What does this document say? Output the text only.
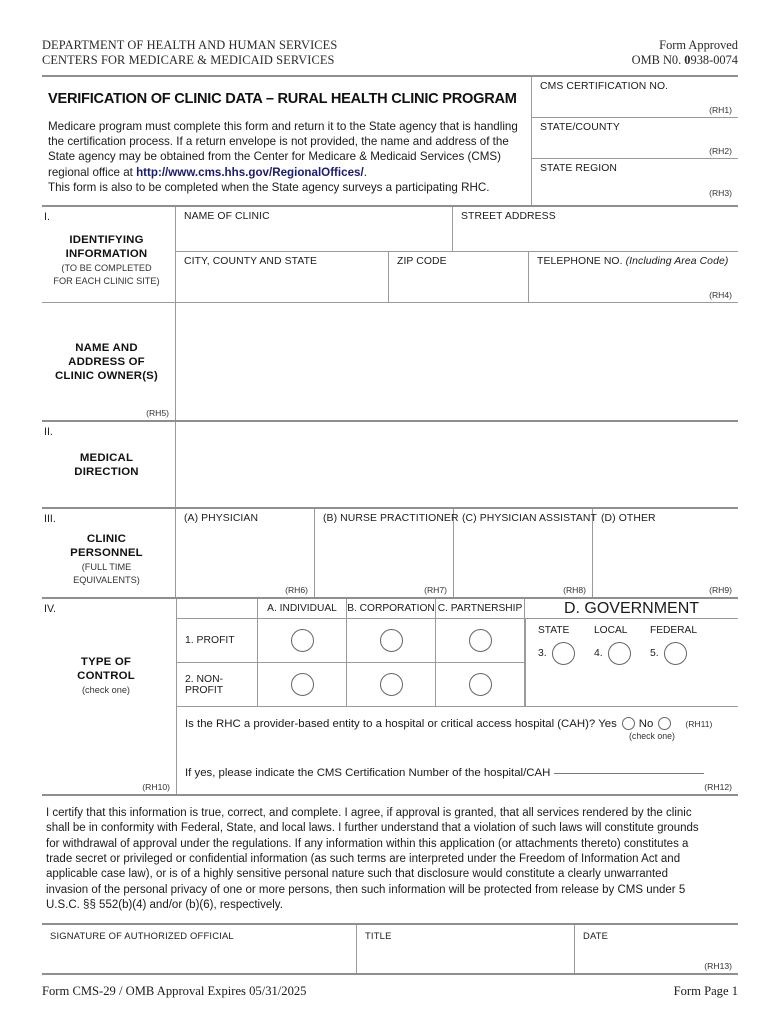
DEPARTMENT OF HEALTH AND HUMAN SERVICES
CENTERS FOR MEDICARE & MEDICAID SERVICES
Form Approved
OMB N0. 0938-0074
VERIFICATION OF CLINIC DATA – RURAL HEALTH CLINIC PROGRAM
Medicare program must complete this form and return it to the State agency that is handling the certification process. If a return envelope is not provided, the name and address of the State agency may be obtained from the Center for Medicare & Medicaid Services (CMS) regional office at http://www.cms.hhs.gov/RegionalOffices/.
This form is also to be completed when the State agency surveys a participating RHC.
CMS CERTIFICATION NO.
(RH1)
STATE/COUNTY
(RH2)
STATE REGION
(RH3)
I.
IDENTIFYING
INFORMATION
(TO BE COMPLETED
FOR EACH CLINIC SITE)
NAME OF CLINIC	STREET ADDRESS
CITY, COUNTY AND STATE	ZIP CODE	TELEPHONE NO. (Including Area Code)
(RH4)
NAME AND
ADDRESS OF
CLINIC OWNER(S)
(RH5)
II.
MEDICAL
DIRECTION
III.
CLINIC
PERSONNEL
(FULL TIME
EQUIVALENTS)
(A) PHYSICIAN
(RH6)
(B) NURSE PRACTITIONER
(RH7)
(C) PHYSICIAN ASSISTANT
(RH8)
(D) OTHER
(RH9)
IV.
TYPE OF
CONTROL
(check one)
(RH10)
A. INDIVIDUAL B. CORPORATION C. PARTNERSHIP	D. GOVERNMENT
1. PROFIT
2. NON- PROFIT
STATE	LOCAL	FEDERAL
3.	4.	5.
Is the RHC a provider-based entity to a hospital or critical access hospital (CAH)? Yes No	(RH11)
(check one)
If yes, please indicate the CMS Certification Number of the hospital/CAH
(RH12)
I certify that this information is true, correct, and complete. I agree, if approval is granted, that all services rendered by the clinic shall be in conformity with Federal, State, and local laws. I further understand that a violation of such laws will constitute grounds for withdrawal of approval under the regulations. If any information within this application (or attachments thereto) constitutes a trade secret or privileged or confidential information (as such terms are interpreted under the Freedom of Information Act and applicable case law), or is of a highly sensitive personal nature such that disclosure would constitute a clearly unwarranted invasion of the personal privacy of one or more persons, then such information will be protected from release by CMS under 5 U.S.C. §§ 552(b)(4) and/or (b)(6), respectively.
SIGNATURE OF AUTHORIZED OFFICIAL	TITLE	DATE
(RH13)
Form CMS-29 / OMB Approval Expires 05/31/2025	Form Page 1
